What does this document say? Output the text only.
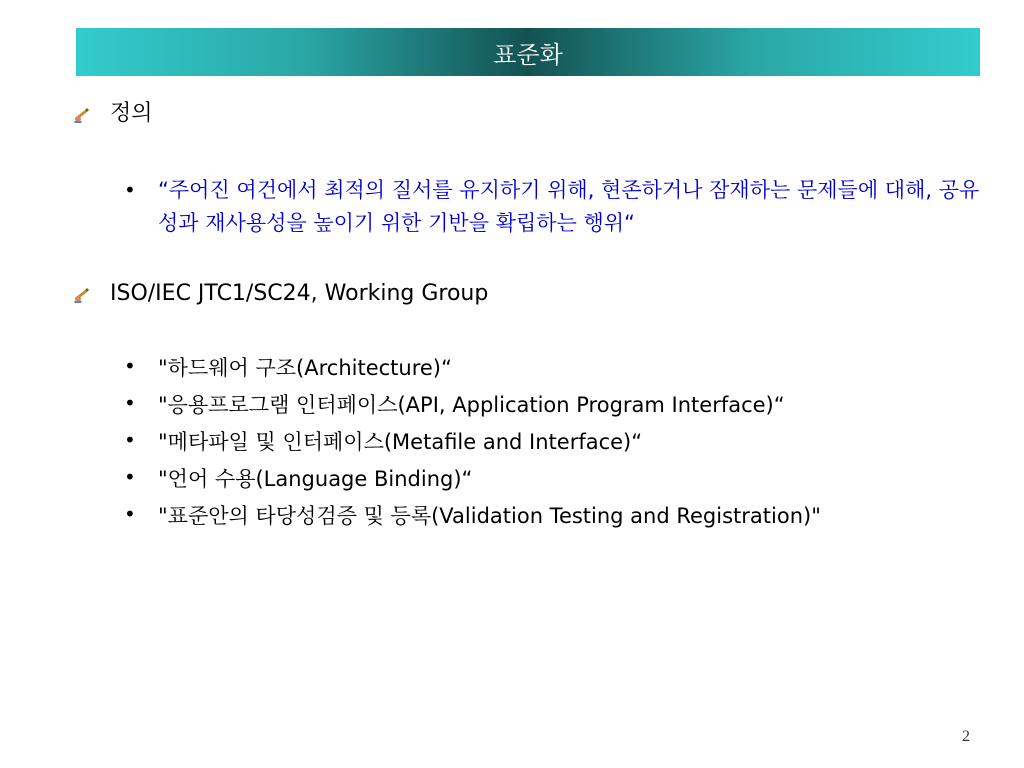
표준화
정의
•	“주어진 여건에서 최적의 질서를 유지하기 위해, 현존하거나 잠재하는 문제들에 대해, 공유성과 재사용성을 높이기 위한 기반을 확립하는 행위“
ISO/IEC JTC1/SC24, Working Group
•	"하드웨어 구조(Architecture)“
•	"응용프로그램 인터페이스(API, Application Program Interface)“
•	"메타파일 및 인터페이스(Metafile and Interface)“
•	"언어 수용(Language Binding)“
•	"표준안의 타당성검증 및 등록(Validation Testing and Registration)"
2
